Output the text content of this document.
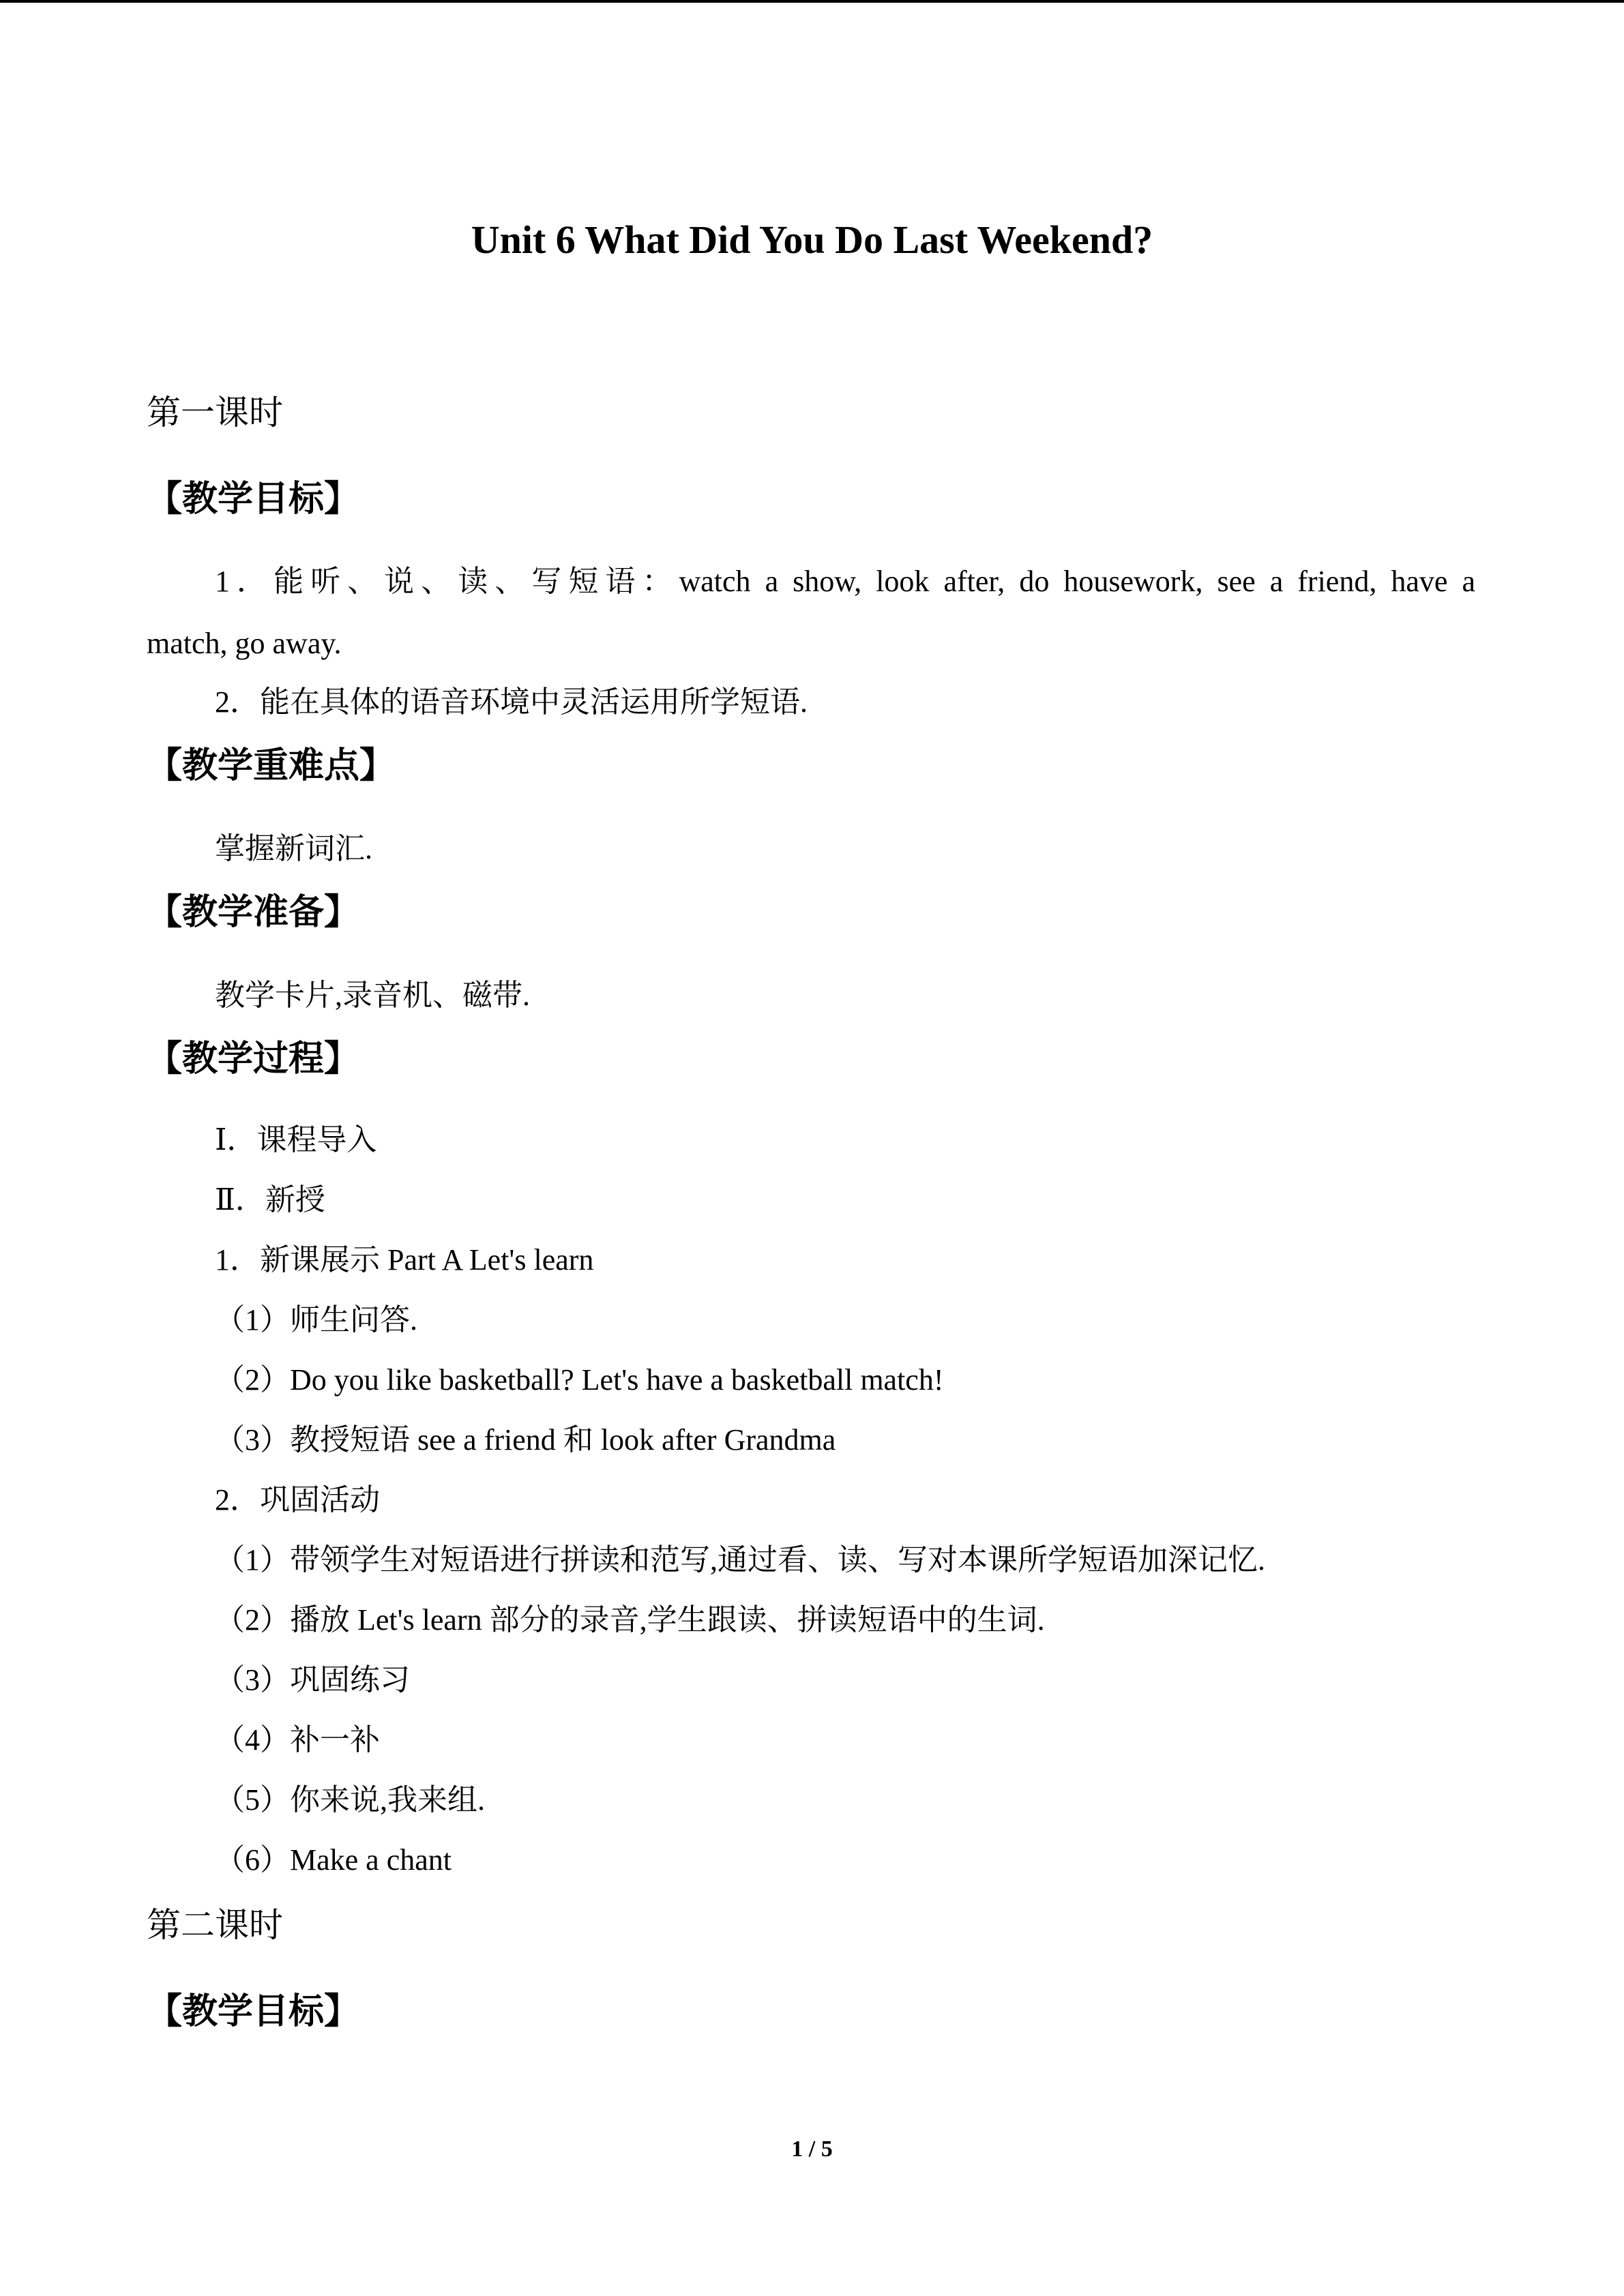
Unit 6 What Did You Do Last Weekend?
第一课时
【教学目标】
1．能听、说、读、写短语：watch a show, look after, do housework, see a friend, have a
match, go away.
2．能在具体的语音环境中灵活运用所学短语.
【教学重难点】
掌握新词汇.
【教学准备】
教学卡片,录音机、磁带.
【教学过程】
Ⅰ．课程导入
Ⅱ．新授
1．新课展示 Part A Let's learn
（1）师生问答.
（2）Do you like basketball? Let's have a basketball match!
（3）教授短语 see a friend 和 look after Grandma
2．巩固活动
（1）带领学生对短语进行拼读和范写,通过看、读、写对本课所学短语加深记忆.
（2）播放 Let's learn 部分的录音,学生跟读、拼读短语中的生词.
（3）巩固练习
（4）补一补
（5）你来说,我来组.
（6）Make a chant
第二课时
【教学目标】
1 / 5
